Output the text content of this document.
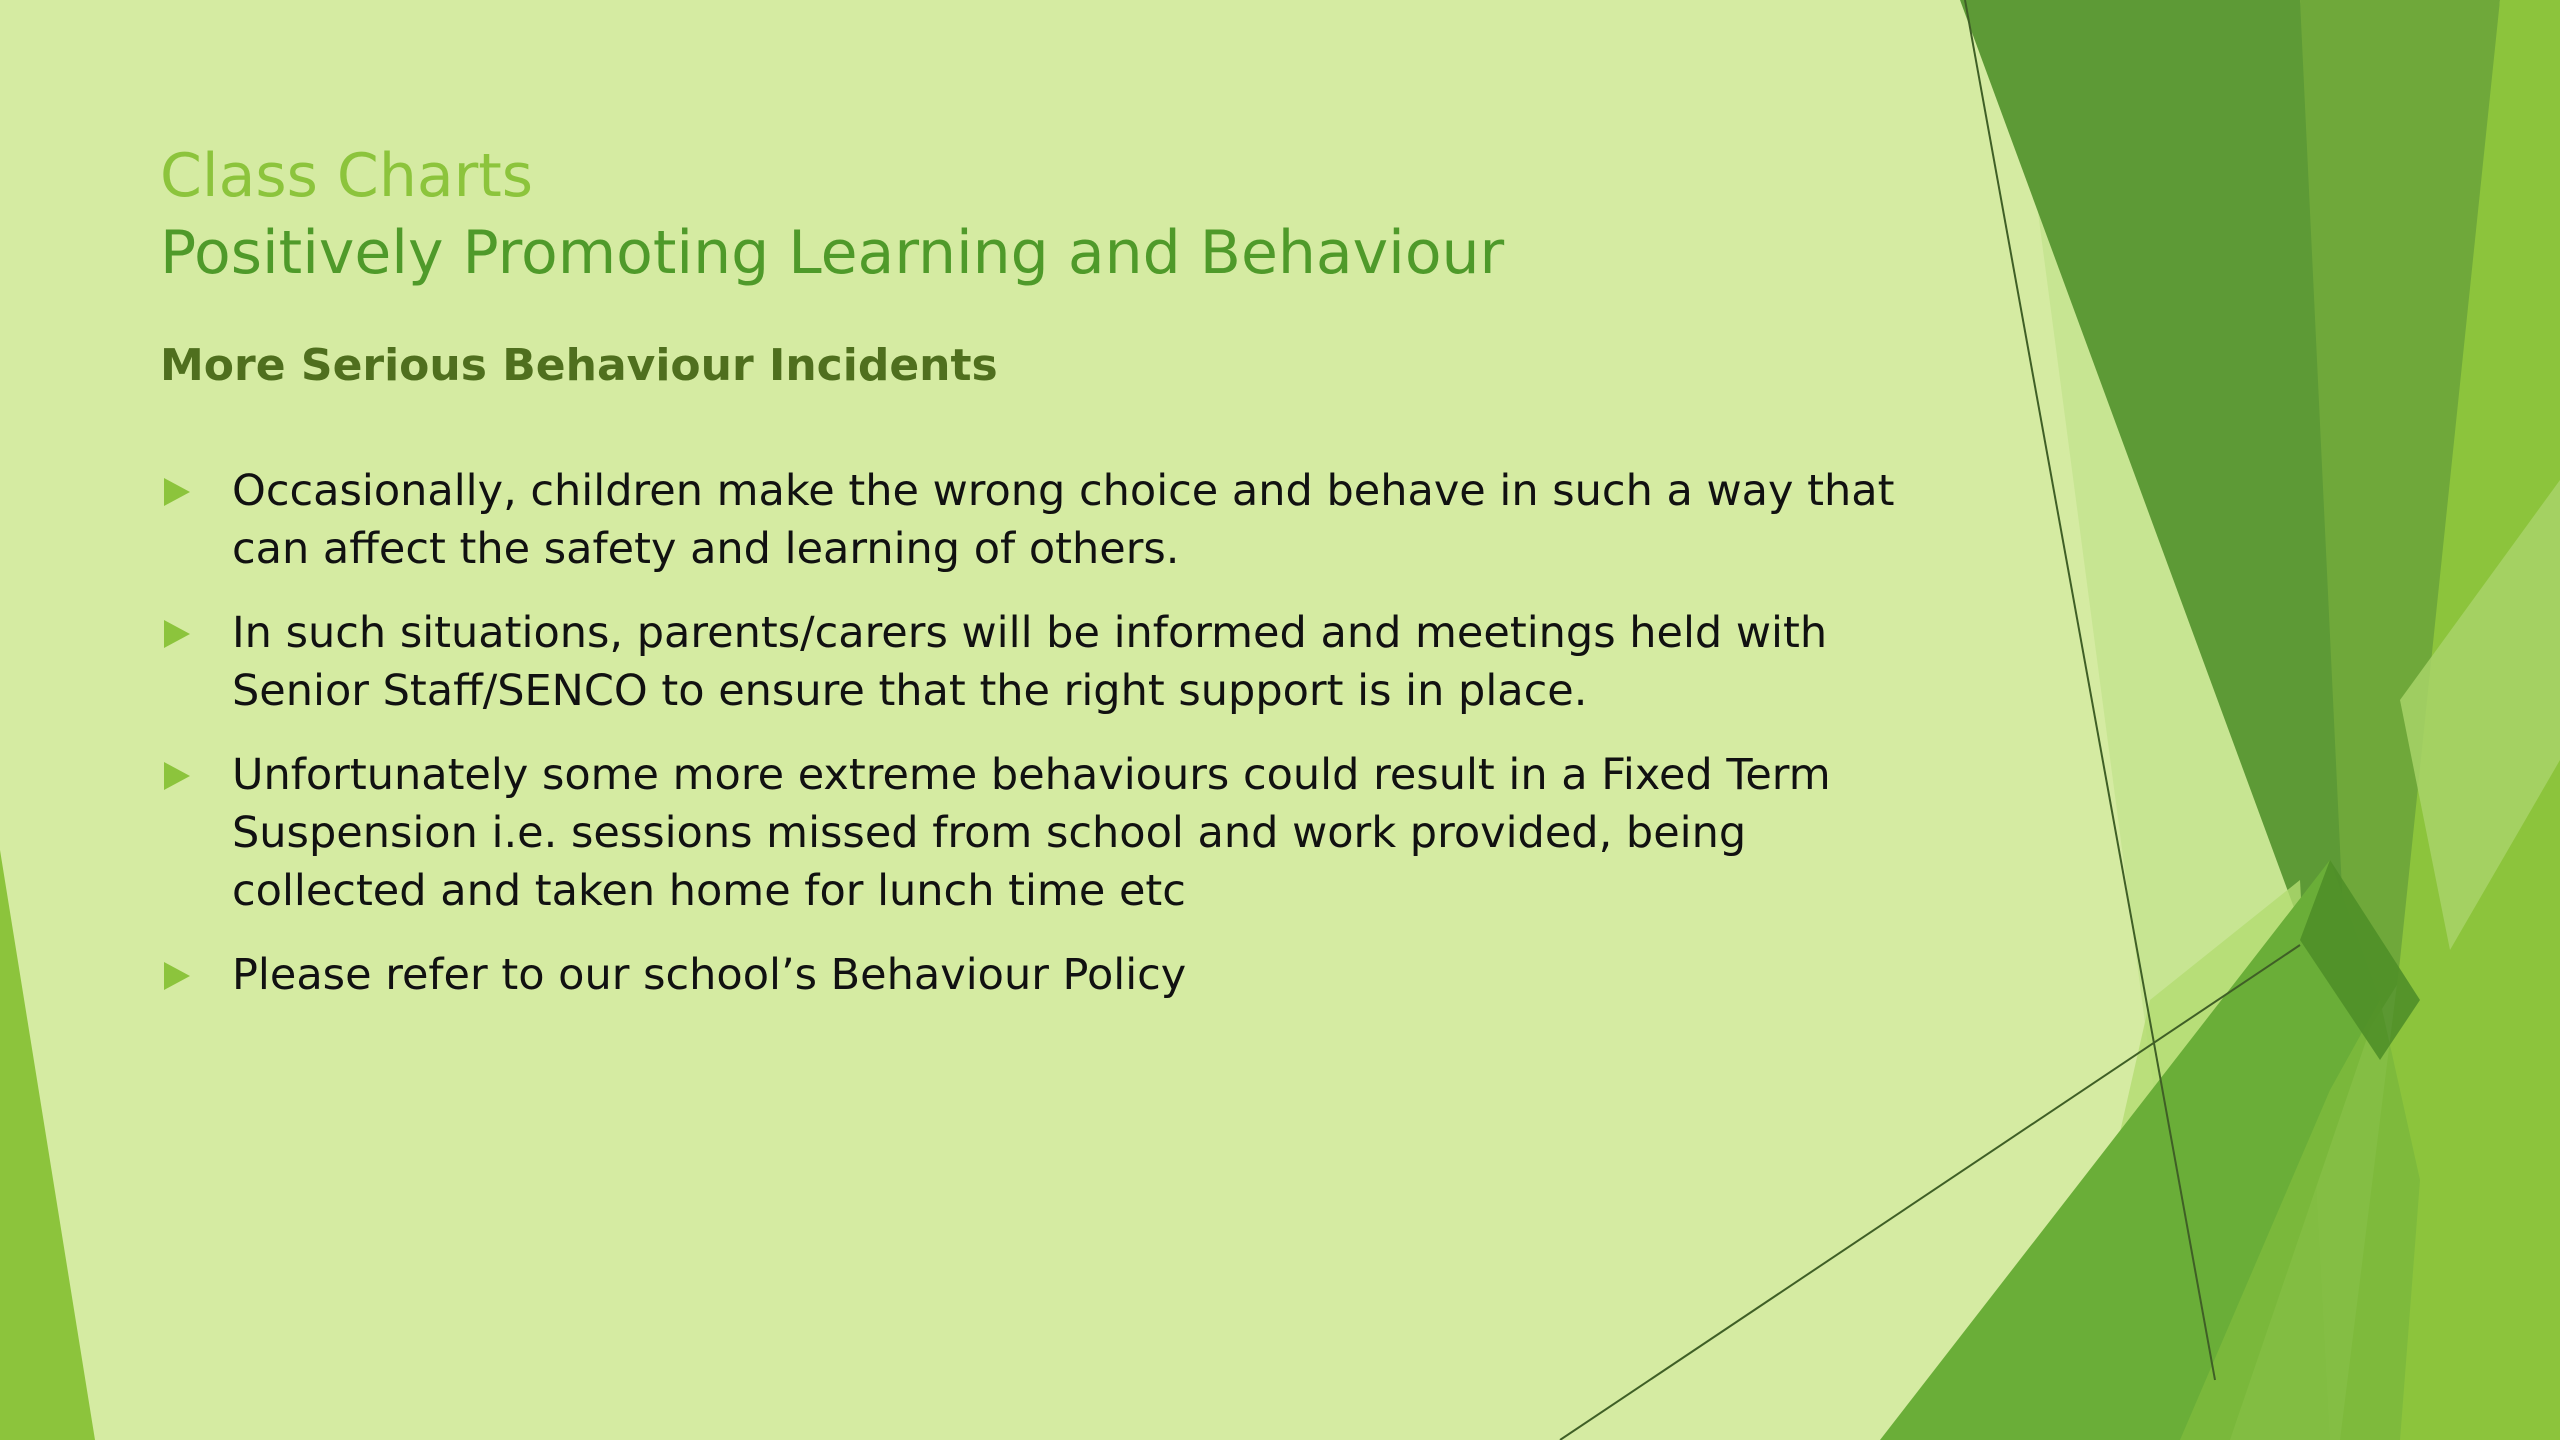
Class Charts
Positively Promoting Learning and Behaviour
More Serious Behaviour Incidents
Occasionally, children make the wrong choice and behave in such a way that can affect the safety and learning of others.
In such situations, parents/carers will be informed and meetings held with Senior Staff/SENCO to ensure that the right support is in place.
Unfortunately some more extreme behaviours could result in a Fixed Term Suspension i.e. sessions missed from school and work provided, being collected and taken home for lunch time etc
Please refer to our school’s Behaviour Policy
